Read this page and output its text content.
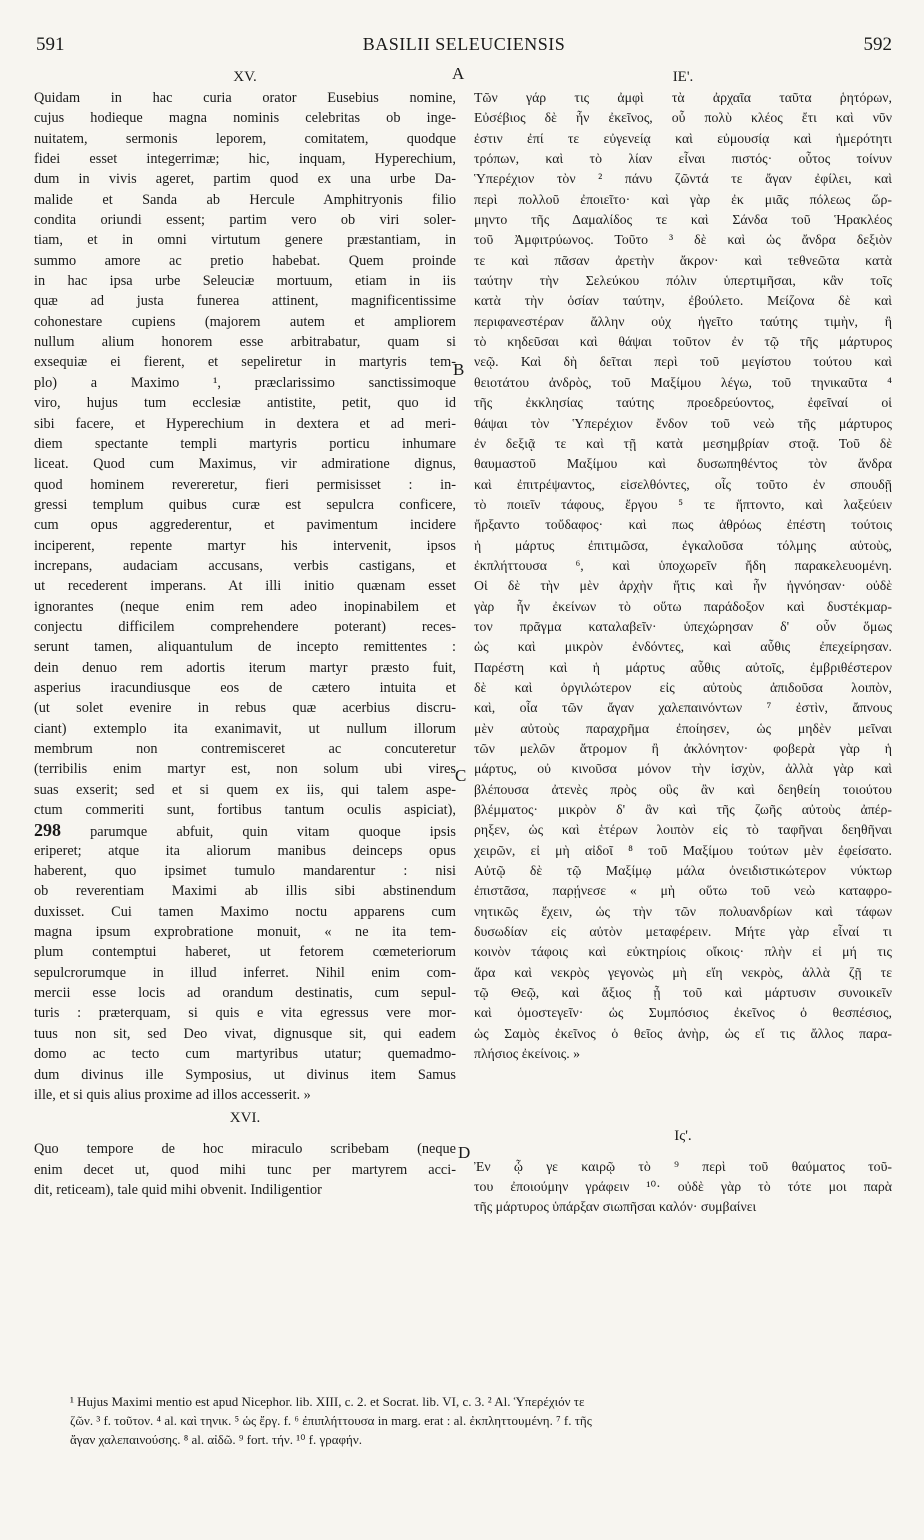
591	BASILII SELEUCIENSIS	592
A
B
C
D
XV.
Quidam in hac curia orator Eusebius nomine,
cujus hodieque magna nominis celebritas ob inge-
nuitatem, sermonis leporem, comitatem, quodque
fidei esset integerrimæ; hic, inquam, Hyperechium,
dum in vivis ageret, partim quod ex una urbe Da-
malide et Sanda ab Hercule Amphitryonis filio
condita oriundi essent; partim vero ob viri soler-
tiam, et in omni virtutum genere præstantiam, in
summo amore ac pretio habebat. Quem proinde
in hac ipsa urbe Seleuciæ mortuum, etiam in iis
quæ ad justa funerea attinent, magnificentissime
cohonestare cupiens (majorem autem et ampliorem
nullum alium honorem esse arbitrabatur, quam si
exsequiæ ei fierent, et sepeliretur in martyris tem-
plo) a Maximo ¹, præclarissimo sanctissimoque
viro, hujus tum ecclesiæ antistite, petit, quo id
sibi facere, et Hyperechium in dextera et ad meri-
diem spectante templi martyris porticu inhumare
liceat. Quod cum Maximus, vir admiratione dignus,
quod hominem revereretur, fieri permisisset : in-
gressi templum quibus curæ est sepulcra conficere,
cum opus aggrederentur, et pavimentum incidere
inciperent, repente martyr his intervenit, ipsos
increpans, audaciam accusans, verbis castigans, et
ut recederent imperans. At illi initio quænam esset
ignorantes (neque enim rem adeo inopinabilem et
conjectu difficilem comprehendere poterant) reces-
serunt tamen, aliquantulum de incepto remittentes :
dein denuo rem adortis iterum martyr præsto fuit,
asperius iracundiusque eos de cætero intuita et
(ut solet evenire in rebus quæ acerbius discru-
ciant) extemplo ita exanimavit, ut nullum illorum
membrum non contremisceret ac concuteretur
(terribilis enim martyr est, non solum ubi vires
suas exserit; sed et si quem ex iis, qui talem aspe-
ctum commeriti sunt, fortibus tantum oculis aspiciat),
298 parumque abfuit, quin vitam quoque ipsis
eriperet; atque ita aliorum manibus deinceps opus
haberent, quo ipsimet tumulo mandarentur : nisi
ob reverentiam Maximi ab illis sibi abstinendum
duxisset. Cui tamen Maximo noctu apparens cum
magna ipsum exprobratione monuit, « ne ita tem-
plum contemptui haberet, ut fetorem cœmeteriorum
sepulcrorumque in illud inferret. Nihil enim com-
mercii esse locis ad orandum destinatis, cum sepul-
turis : præterquam, si quis e vita egressus vere mor-
tuus non sit, sed Deo vivat, dignusque sit, qui eadem
domo ac tecto cum martyribus utatur; quemadmo-
dum divinus ille Symposius, ut divinus item Samus
ille, et si quis alius proxime ad illos accesserit. »
XVI.
Quo tempore de hoc miraculo scribebam (neque
enim decet ut, quod mihi tunc per martyrem acci-
dit, reticeam), tale quid mihi obvenit. Indiligentior
ΙΕ'.
Τῶν γάρ τις ἀμφὶ τὰ ἀρχαῖα ταῦτα ῥητόρων,
Εὐσέβιος δὲ ἦν ἐκεῖνος, οὗ πολὺ κλέος ἔτι καὶ νῦν
ἐστιν ἐπί τε εὐγενείᾳ καὶ εὐμουσίᾳ καὶ ἡμερότητι
τρόπων, καὶ τὸ λίαν εἶναι πιστός· οὗτος τοίνυν
Ὑπερέχιον τὸν ² πάνυ ζῶντά τε ἄγαν ἐφίλει, καὶ
περὶ πολλοῦ ἐποιεῖτο· καὶ γὰρ ἐκ μιᾶς πόλεως ὥρ-
μηντο τῆς Δαμαλίδος τε καὶ Σάνδα τοῦ Ἡρακλέος
τοῦ Ἀμφιτρύωνος. Τοῦτο ³ δὲ καὶ ὡς ἄνδρα δεξιὸν
τε καὶ πᾶσαν ἀρετὴν ἄκρον· καὶ τεθνεῶτα κατὰ
ταύτην τὴν Σελεύκου πόλιν ὑπερτιμῆσαι, κἂν τοῖς
κατὰ τὴν ὁσίαν ταύτην, ἐβούλετο. Μείζονα δὲ καὶ
περιφανεστέραν ἄλλην οὐχ ἡγεῖτο ταύτης τιμὴν, ἢ
τὸ κηδεῦσαι καὶ θάψαι τοῦτον ἐν τῷ τῆς μάρτυρος
νεῷ. Καὶ δὴ δεῖται περὶ τοῦ μεγίστου τούτου καὶ
θειοτάτου ἀνδρὸς, τοῦ Μαξίμου λέγω, τοῦ τηνικαῦτα ⁴
τῆς ἐκκλησίας ταύτης προεδρεύοντος, ἐφεῖναί οἱ
θάψαι τὸν Ὑπερέχιον ἔνδον τοῦ νεὼ τῆς μάρτυρος
ἐν δεξιᾷ τε καὶ τῇ κατὰ μεσημβρίαν στοᾷ. Τοῦ δὲ
θαυμαστοῦ Μαξίμου καὶ δυσωπηθέντος τὸν ἄνδρα
καὶ ἐπιτρέψαντος, εἰσελθόντες, οἷς τοῦτο ἐν σπουδῇ
τὸ ποιεῖν τάφους, ἔργου ⁵ τε ἥπτοντο, καὶ λαξεύειν
ἤρξαντο τοὔδαφος· καὶ πως ἀθρόως ἐπέστη τούτοις
ἡ μάρτυς ἐπιτιμῶσα, ἐγκαλοῦσα τόλμης αὐτοὺς,
ἐκπλήττουσα ⁶, καὶ ὑποχωρεῖν ἤδη παρακελευομένη.
Οἱ δὲ τὴν μὲν ἀρχὴν ἥτις καὶ ἦν ἠγνόησαν· οὐδὲ
γὰρ ἦν ἐκείνων τὸ οὕτω παράδοξον καὶ δυστέκμαρ-
τον πρᾶγμα καταλαβεῖν· ὑπεχώρησαν δ' οὖν ὅμως
ὡς καὶ μικρὸν ἐνδόντες, καὶ αὖθις ἐπεχείρησαν.
Παρέστη καὶ ἡ μάρτυς αὖθις αὐτοῖς, ἐμβριθέστερον
δὲ καὶ ὀργιλώτερον εἰς αὐτοὺς ἀπιδοῦσα λοιπὸν,
καὶ, οἷα τῶν ἄγαν χαλεπαινόντων ⁷ ἐστὶν, ἄπνους
μὲν αὐτοὺς παραχρῆμα ἐποίησεν, ὡς μηδὲν μεῖναι
τῶν μελῶν ἄτρομον ἢ ἀκλόνητον· φοβερὰ γὰρ ἡ
μάρτυς, οὐ κινοῦσα μόνον τὴν ἰσχὺν, ἀλλὰ γὰρ καὶ
βλέπουσα ἀτενὲς πρὸς οὓς ἂν καὶ δεηθείη τοιούτου
βλέμματος· μικρὸν δ' ἂν καὶ τῆς ζωῆς αὐτοὺς ἀπέρ-
ρηξεν, ὡς καὶ ἑτέρων λοιπὸν εἰς τὸ ταφῆναι δεηθῆναι
χειρῶν, εἰ μὴ αἰδοῖ ⁸ τοῦ Μαξίμου τούτων μὲν ἐφείσατο.
Αὐτῷ δὲ τῷ Μαξίμῳ μάλα ὀνειδιστικώτερον νύκτωρ
ἐπιστᾶσα, παρῄνεσε « μὴ οὕτω τοῦ νεὼ καταφρο-
νητικῶς ἔχειν, ὡς τὴν τῶν πολυανδρίων καὶ τάφων
δυσωδίαν εἰς αὐτὸν μεταφέρειν. Μήτε γὰρ εἶναί τι
κοινὸν τάφοις καὶ εὐκτηρίοις οἴκοις· πλὴν εἰ μή τις
ἄρα καὶ νεκρὸς γεγονὼς μὴ εἴη νεκρὸς, ἀλλὰ ζῇ τε
τῷ Θεῷ, καὶ ἄξιος ᾖ τοῦ καὶ μάρτυσιν συνοικεῖν
καὶ ὁμοστεγεῖν· ὡς Συμπόσιος ἐκεῖνος ὁ θεσπέσιος,
ὡς Σαμὸς ἐκεῖνος ὁ θεῖος ἀνὴρ, ὡς εἴ τις ἄλλος παρα-
πλήσιος ἐκείνοις. »
Ις'.
Ἐν ᾧ γε καιρῷ τὸ ⁹ περὶ τοῦ θαύματος τοῦ-
του ἐποιούμην γράφειν ¹⁰· οὐδὲ γὰρ τὸ τότε μοι παρὰ
τῆς μάρτυρος ὑπάρξαν σιωπῆσαι καλόν· συμβαίνει
¹ Hujus Maximi mentio est apud Nicephor. lib. XIII, c. 2. et Socrat. lib. VI, c. 3. ² Al. Ὑπερέχιόν τε
ζῶν. ³ f. τοῦτον. ⁴ al. καὶ τηνικ. ⁵ ὡς ἔργ. f. ⁶ ἐπιπλήττουσα in marg. erat : al. ἐκπληττουμένη. ⁷ f. τῆς
ἄγαν χαλεπαινούσης. ⁸ al. αἰδῶ. ⁹ fort. τήν. ¹⁰ f. γραφήν.
